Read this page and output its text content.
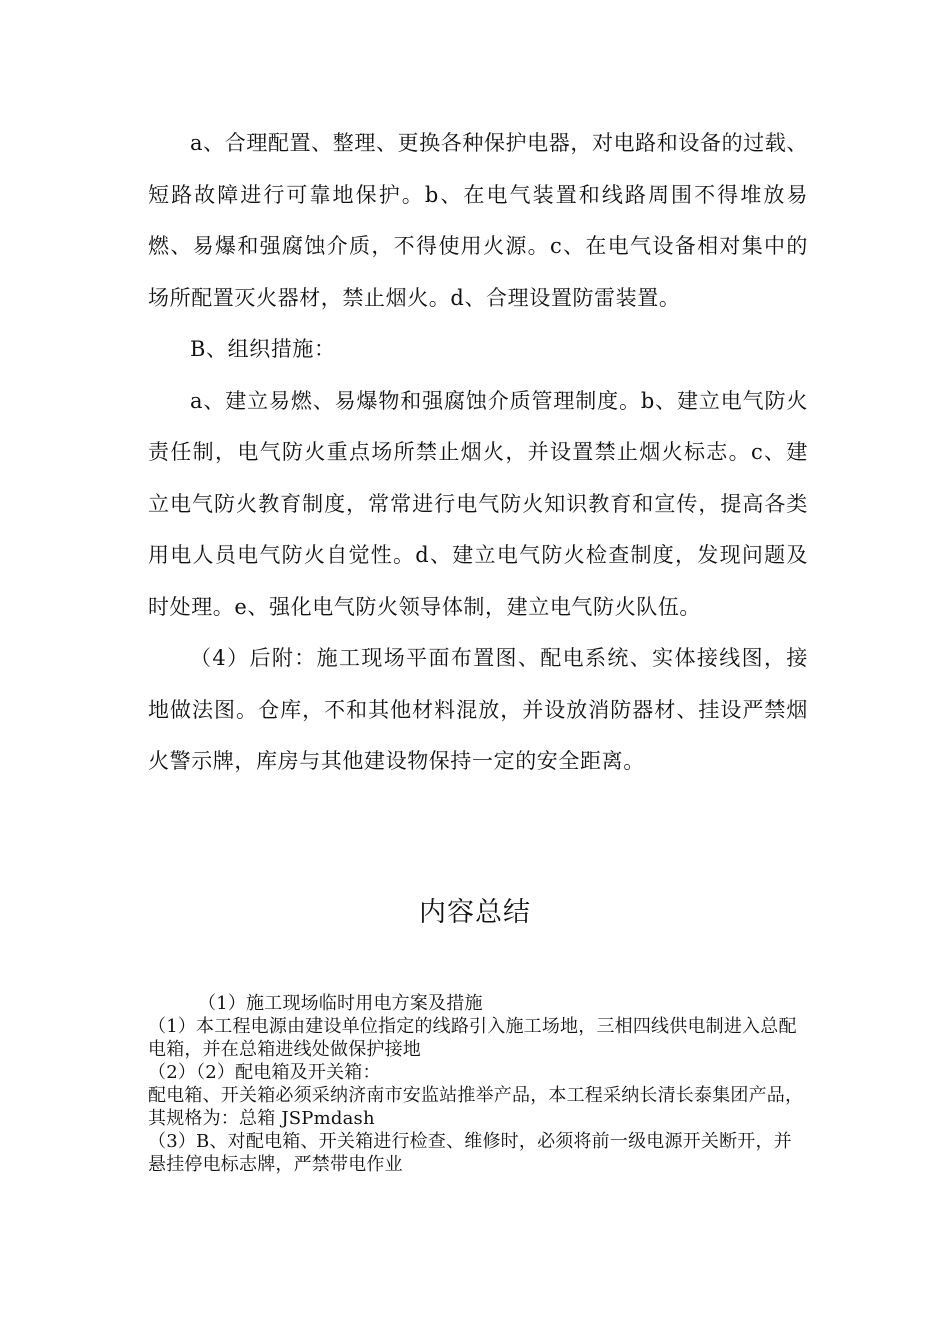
a、合理配置、整理、更换各种保护电器，对电路和设备的过载、短路故障进行可靠地保护。b、在电气装置和线路周围不得堆放易燃、易爆和强腐蚀介质，不得使用火源。c、在电气设备相对集中的场所配置灭火器材，禁止烟火。d、合理设置防雷装置。

B、组织措施：

a、建立易燃、易爆物和强腐蚀介质管理制度。b、建立电气防火责任制，电气防火重点场所禁止烟火，并设置禁止烟火标志。c、建立电气防火教育制度，常常进行电气防火知识教育和宣传，提高各类用电人员电气防火自觉性。d、建立电气防火检查制度，发现问题及时处理。e、强化电气防火领导体制，建立电气防火队伍。

（4）后附：施工现场平面布置图、配电系统、实体接线图，接地做法图。仓库，不和其他材料混放，并设放消防器材、挂设严禁烟火警示牌，库房与其他建设物保持一定的安全距离。

内容总结

（1）施工现场临时用电方案及措施

（1）本工程电源由建设单位指定的线路引入施工场地，三相四线供电制进入总配电箱，并在总箱进线处做保护接地

（2）（2）配电箱及开关箱：

配电箱、开关箱必须采纳济南市安监站推举产品，本工程采纳长清长泰集团产品，其规格为：总箱 JSPmdash

（3）B、对配电箱、开关箱进行检查、维修时，必须将前一级电源开关断开，并悬挂停电标志牌，严禁带电作业
